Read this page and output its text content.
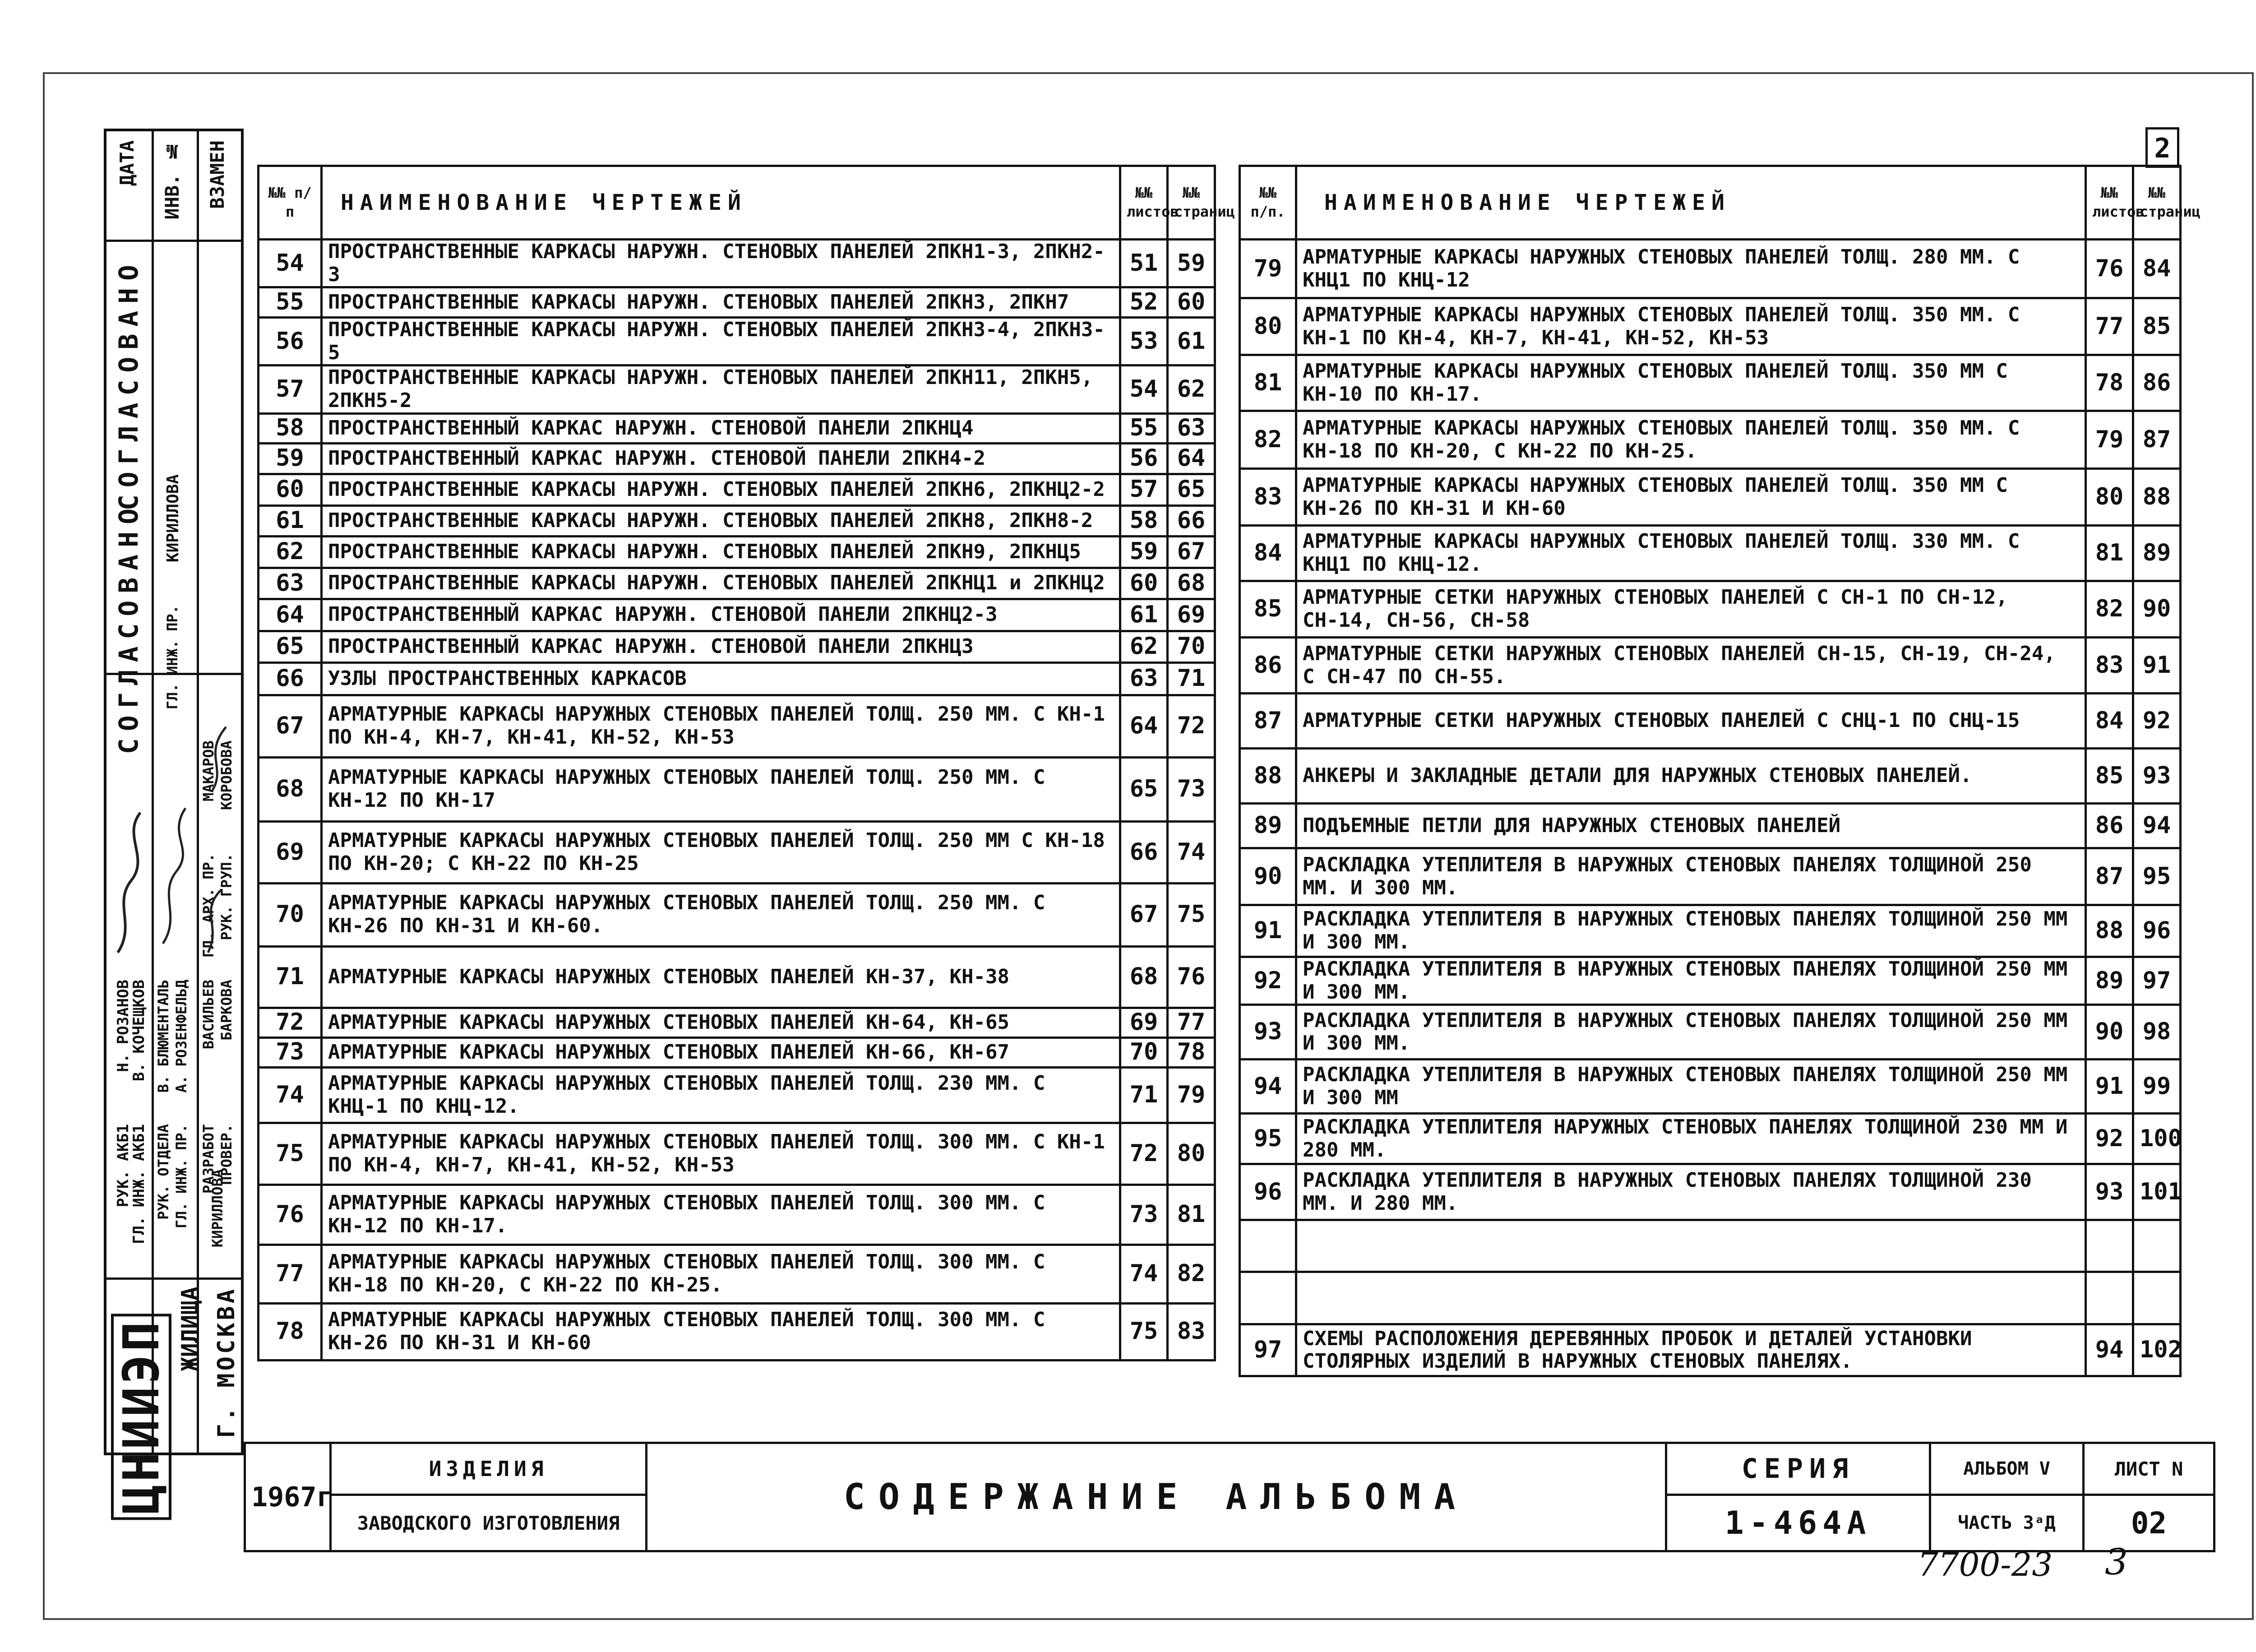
2
ДАТА ИНВ. № ВЗАМЕН
СОГЛАСОВАНО
СОГЛАСОВАНО КИРИЛЛОВА
ГЛ. ИНЖ. ПР.
Н. РОЗАНОВ
РУК. АКБ1
В. КОЧЕЩКОВ
ГЛ. ИНЖ. АКБ1
В. БЛЮМЕНТАЛЬ
РУК. ОТДЕЛА
А. РОЗЕНФЕЛЬД
ГЛ. ИНЖ. ПР.
МАКАРОВ
ГЛ. АРХ. ПР.
КОРОБОВА
РУК. ГРУП.
ВАСИЛЬЕВ
РАЗРАБОТ
БАРКОВА
ПРОВЕР.
КИРИЛЛОВА
ЦНИИЭП ЖИЛИЩА Г. МОСКВА
№№ п/п	НАИМЕНОВАНИЕ ЧЕРТЕЖЕЙ	№№ листов	№№ страниц
54	ПРОСТРАНСТВЕННЫЕ КАРКАСЫ НАРУЖН. СТЕНОВЫХ ПАНЕЛЕЙ 2ПКН1-3, 2ПКН2-3	51	59
55	ПРОСТРАНСТВЕННЫЕ КАРКАСЫ НАРУЖН. СТЕНОВЫХ ПАНЕЛЕЙ 2ПКН3, 2ПКН7	52	60
56	ПРОСТРАНСТВЕННЫЕ КАРКАСЫ НАРУЖН. СТЕНОВЫХ ПАНЕЛЕЙ 2ПКН3-4, 2ПКН3-5	53	61
57	ПРОСТРАНСТВЕННЫЕ КАРКАСЫ НАРУЖН. СТЕНОВЫХ ПАНЕЛЕЙ 2ПКН11, 2ПКН5, 2ПКН5-2	54	62
58	ПРОСТРАНСТВЕННЫЙ КАРКАС НАРУЖН. СТЕНОВОЙ ПАНЕЛИ 2ПКНЦ4	55	63
59	ПРОСТРАНСТВЕННЫЙ КАРКАС НАРУЖН. СТЕНОВОЙ ПАНЕЛИ 2ПКН4-2	56	64
60	ПРОСТРАНСТВЕННЫЕ КАРКАСЫ НАРУЖН. СТЕНОВЫХ ПАНЕЛЕЙ 2ПКН6, 2ПКНЦ2-2	57	65
61	ПРОСТРАНСТВЕННЫЕ КАРКАСЫ НАРУЖН. СТЕНОВЫХ ПАНЕЛЕЙ 2ПКН8, 2ПКН8-2	58	66
62	ПРОСТРАНСТВЕННЫЕ КАРКАСЫ НАРУЖН. СТЕНОВЫХ ПАНЕЛЕЙ 2ПКН9, 2ПКНЦ5	59	67
63	ПРОСТРАНСТВЕННЫЕ КАРКАСЫ НАРУЖН. СТЕНОВЫХ ПАНЕЛЕЙ 2ПКНЦ1 и 2ПКНЦ2	60	68
64	ПРОСТРАНСТВЕННЫЙ КАРКАС НАРУЖН. СТЕНОВОЙ ПАНЕЛИ 2ПКНЦ2-3	61	69
65	ПРОСТРАНСТВЕННЫЙ КАРКАС НАРУЖН. СТЕНОВОЙ ПАНЕЛИ 2ПКНЦ3	62	70
66	УЗЛЫ ПРОСТРАНСТВЕННЫХ КАРКАСОВ	63	71
67	АРМАТУРНЫЕ КАРКАСЫ НАРУЖНЫХ СТЕНОВЫХ ПАНЕЛЕЙ ТОЛЩ. 250 ММ. С КН-1 ПО КН-4, КН-7, КН-41, КН-52, КН-53	64	72
68	АРМАТУРНЫЕ КАРКАСЫ НАРУЖНЫХ СТЕНОВЫХ ПАНЕЛЕЙ ТОЛЩ. 250 ММ. С КН-12 ПО КН-17	65	73
69	АРМАТУРНЫЕ КАРКАСЫ НАРУЖНЫХ СТЕНОВЫХ ПАНЕЛЕЙ ТОЛЩ. 250 ММ С КН-18 ПО КН-20; С КН-22 ПО КН-25	66	74
70	АРМАТУРНЫЕ КАРКАСЫ НАРУЖНЫХ СТЕНОВЫХ ПАНЕЛЕЙ ТОЛЩ. 250 ММ. С КН-26 ПО КН-31 И КН-60.	67	75
71	АРМАТУРНЫЕ КАРКАСЫ НАРУЖНЫХ СТЕНОВЫХ ПАНЕЛЕЙ КН-37, КН-38	68	76
72	АРМАТУРНЫЕ КАРКАСЫ НАРУЖНЫХ СТЕНОВЫХ ПАНЕЛЕЙ КН-64, КН-65	69	77
73	АРМАТУРНЫЕ КАРКАСЫ НАРУЖНЫХ СТЕНОВЫХ ПАНЕЛЕЙ КН-66, КН-67	70	78
74	АРМАТУРНЫЕ КАРКАСЫ НАРУЖНЫХ СТЕНОВЫХ ПАНЕЛЕЙ ТОЛЩ. 230 ММ. С КНЦ-1 ПО КНЦ-12.	71	79
75	АРМАТУРНЫЕ КАРКАСЫ НАРУЖНЫХ СТЕНОВЫХ ПАНЕЛЕЙ ТОЛЩ. 300 ММ. С КН-1 ПО КН-4, КН-7, КН-41, КН-52, КН-53	72	80
76	АРМАТУРНЫЕ КАРКАСЫ НАРУЖНЫХ СТЕНОВЫХ ПАНЕЛЕЙ ТОЛЩ. 300 ММ. С КН-12 ПО КН-17.	73	81
77	АРМАТУРНЫЕ КАРКАСЫ НАРУЖНЫХ СТЕНОВЫХ ПАНЕЛЕЙ ТОЛЩ. 300 ММ. С КН-18 ПО КН-20, С КН-22 ПО КН-25.	74	82
78	АРМАТУРНЫЕ КАРКАСЫ НАРУЖНЫХ СТЕНОВЫХ ПАНЕЛЕЙ ТОЛЩ. 300 ММ. С КН-26 ПО КН-31 И КН-60	75	83
№№ п/п.	НАИМЕНОВАНИЕ ЧЕРТЕЖЕЙ	№№ листов	№№ страниц
79	АРМАТУРНЫЕ КАРКАСЫ НАРУЖНЫХ СТЕНОВЫХ ПАНЕЛЕЙ ТОЛЩ. 280 ММ. С КНЦ1 ПО КНЦ-12	76	84
80	АРМАТУРНЫЕ КАРКАСЫ НАРУЖНЫХ СТЕНОВЫХ ПАНЕЛЕЙ ТОЛЩ. 350 ММ. С КН-1 ПО КН-4, КН-7, КН-41, КН-52, КН-53	77	85
81	АРМАТУРНЫЕ КАРКАСЫ НАРУЖНЫХ СТЕНОВЫХ ПАНЕЛЕЙ ТОЛЩ. 350 ММ С КН-10 ПО КН-17.	78	86
82	АРМАТУРНЫЕ КАРКАСЫ НАРУЖНЫХ СТЕНОВЫХ ПАНЕЛЕЙ ТОЛЩ. 350 ММ. С КН-18 ПО КН-20, С КН-22 ПО КН-25.	79	87
83	АРМАТУРНЫЕ КАРКАСЫ НАРУЖНЫХ СТЕНОВЫХ ПАНЕЛЕЙ ТОЛЩ. 350 ММ С КН-26 ПО КН-31 И КН-60	80	88
84	АРМАТУРНЫЕ КАРКАСЫ НАРУЖНЫХ СТЕНОВЫХ ПАНЕЛЕЙ ТОЛЩ. 330 ММ. С КНЦ1 ПО КНЦ-12.	81	89
85	АРМАТУРНЫЕ СЕТКИ НАРУЖНЫХ СТЕНОВЫХ ПАНЕЛЕЙ С СН-1 ПО СН-12, СН-14, СН-56, СН-58	82	90
86	АРМАТУРНЫЕ СЕТКИ НАРУЖНЫХ СТЕНОВЫХ ПАНЕЛЕЙ СН-15, СН-19, СН-24, С СН-47 ПО СН-55.	83	91
87	АРМАТУРНЫЕ СЕТКИ НАРУЖНЫХ СТЕНОВЫХ ПАНЕЛЕЙ С СНЦ-1 ПО СНЦ-15	84	92
88	АНКЕРЫ И ЗАКЛАДНЫЕ ДЕТАЛИ ДЛЯ НАРУЖНЫХ СТЕНОВЫХ ПАНЕЛЕЙ.	85	93
89	ПОДЪЕМНЫЕ ПЕТЛИ ДЛЯ НАРУЖНЫХ СТЕНОВЫХ ПАНЕЛЕЙ	86	94
90	РАСКЛАДКА УТЕПЛИТЕЛЯ В НАРУЖНЫХ СТЕНОВЫХ ПАНЕЛЯХ ТОЛЩИНОЙ 250 ММ. И 300 ММ.	87	95
91	РАСКЛАДКА УТЕПЛИТЕЛЯ В НАРУЖНЫХ СТЕНОВЫХ ПАНЕЛЯХ ТОЛЩИНОЙ 250 ММ И 300 ММ.	88	96
92	РАСКЛАДКА УТЕПЛИТЕЛЯ В НАРУЖНЫХ СТЕНОВЫХ ПАНЕЛЯХ ТОЛЩИНОЙ 250 ММ И 300 ММ.	89	97
93	РАСКЛАДКА УТЕПЛИТЕЛЯ В НАРУЖНЫХ СТЕНОВЫХ ПАНЕЛЯХ ТОЛЩИНОЙ 250 ММ И 300 ММ.	90	98
94	РАСКЛАДКА УТЕПЛИТЕЛЯ В НАРУЖНЫХ СТЕНОВЫХ ПАНЕЛЯХ ТОЛЩИНОЙ 250 ММ И 300 ММ	91	99
95	РАСКЛАДКА УТЕПЛИТЕЛЯ НАРУЖНЫХ СТЕНОВЫХ ПАНЕЛЯХ ТОЛЩИНОЙ 230 ММ И 280 ММ.	92	100
96	РАСКЛАДКА УТЕПЛИТЕЛЯ В НАРУЖНЫХ СТЕНОВЫХ ПАНЕЛЯХ ТОЛЩИНОЙ 230 ММ. И 280 ММ.	93	101

97	СХЕМЫ РАСПОЛОЖЕНИЯ ДЕРЕВЯННЫХ ПРОБОК И ДЕТАЛЕЙ УСТАНОВКИ СТОЛЯРНЫХ ИЗДЕЛИЙ В НАРУЖНЫХ СТЕНОВЫХ ПАНЕЛЯХ.	94	102
1967г	ИЗДЕЛИЯ	СОДЕРЖАНИЕ АЛЬБОМА	СЕРИЯ	АЛЬБОМ V	ЛИСТ N
	ЗАВОДСКОГО ИЗГОТОВЛЕНИЯ		1-464А	ЧАСТЬ 3ᵃД	02
7700-23 3
